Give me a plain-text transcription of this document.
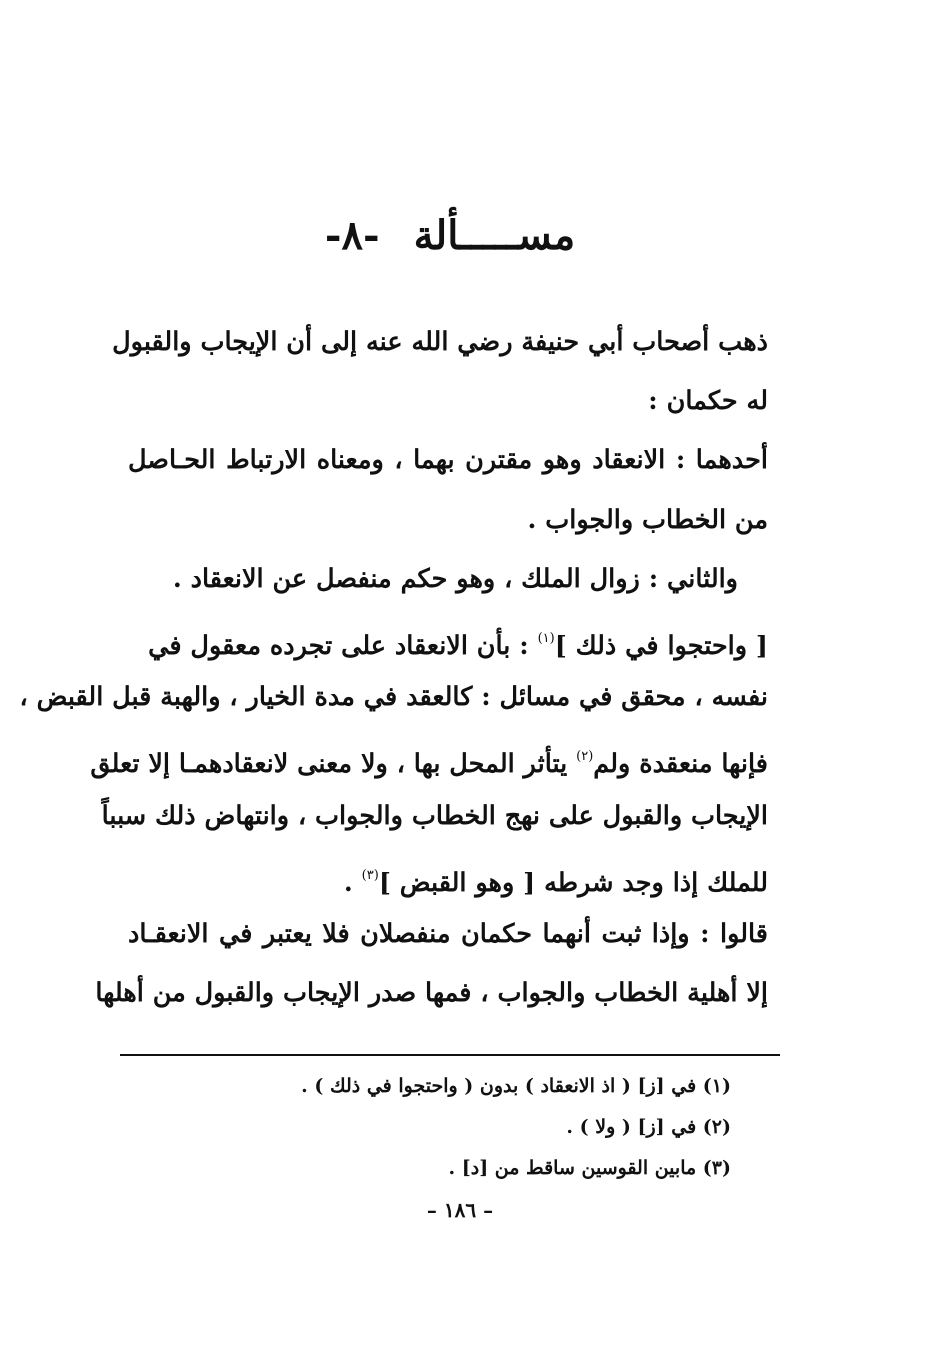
مســـــألة
-٨-
ذهب أصحاب أبي حنيفة رضي الله عنه إلى أن الإيجاب والقبول
له حكمان :
أحدهما : الانعقاد وهو مقترن بهما ، ومعناه الارتباط الحـاصل
من الخطاب والجواب .
والثاني : زوال الملك ، وهو حكم منفصل عن الانعقاد .
[ واحتجوا في ذلك ]$^{(١)}$ : بأن الانعقاد على تجرده معقول في
نفسه ، محقق في مسائل : كالعقد في مدة الخيار ، والهبة قبل القبض ،
فإنها منعقدة ولم$^{(٢)}$ يتأثر المحل بها ، ولا معنى لانعقادهمـا إلا تعلق
الإيجاب والقبول على نهج الخطاب والجواب ، وانتهاض ذلك سبباً
للملك إذا وجد شرطه [ وهو القبض ]$^{(٣)}$ .
قالوا : وإذا ثبت أنهما حكمان منفصلان فلا يعتبر في الانعقـاد
إلا أهلية الخطاب والجواب ، فمها صدر الإيجاب والقبول من أهلها
(١) في [ز] ( اذ الانعقاد ) بدون ( واحتجوا في ذلك ) .
(٢) في [ز] ( ولا ) .
(٣) مابين القوسين ساقط من [د] .
– ١٨٦ –
